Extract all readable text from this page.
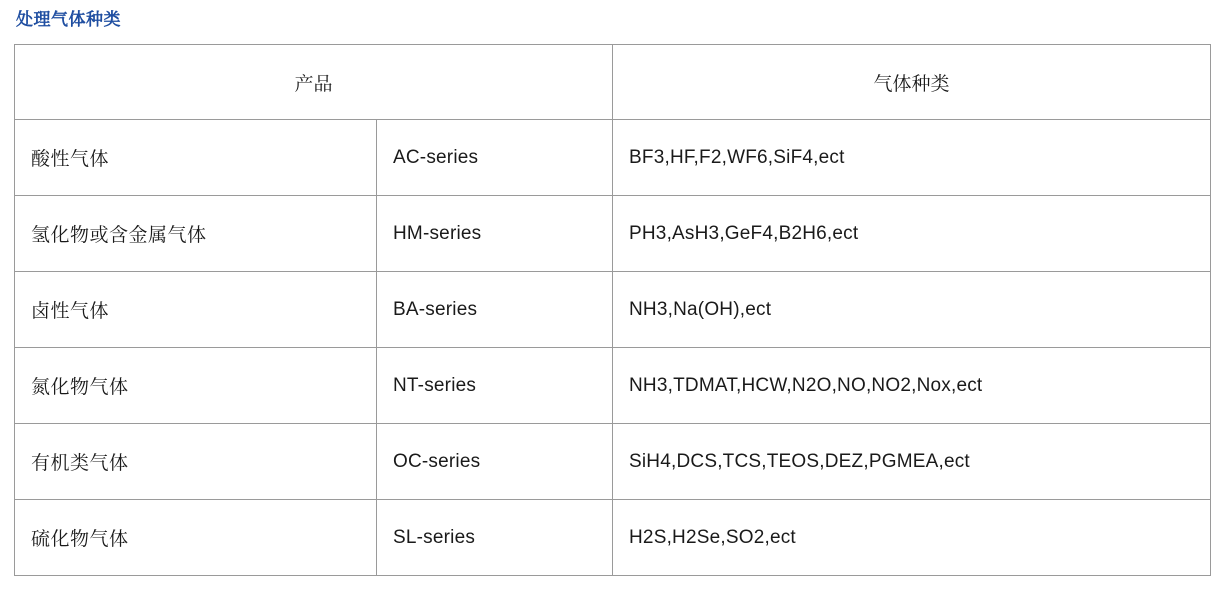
处理气体种类
产品		气体种类
酸性气体	AC-series	BF3,HF,F2,WF6,SiF4,ect
氢化物或含金属气体	HM-series	PH3,AsH3,GeF4,B2H6,ect
卤性气体	BA-series	NH3,Na(OH),ect
氮化物气体	NT-series	NH3,TDMAT,HCW,N2O,NO,NO2,Nox,ect
有机类气体	OC-series	SiH4,DCS,TCS,TEOS,DEZ,PGMEA,ect
硫化物气体	SL-series	H2S,H2Se,SO2,ect
